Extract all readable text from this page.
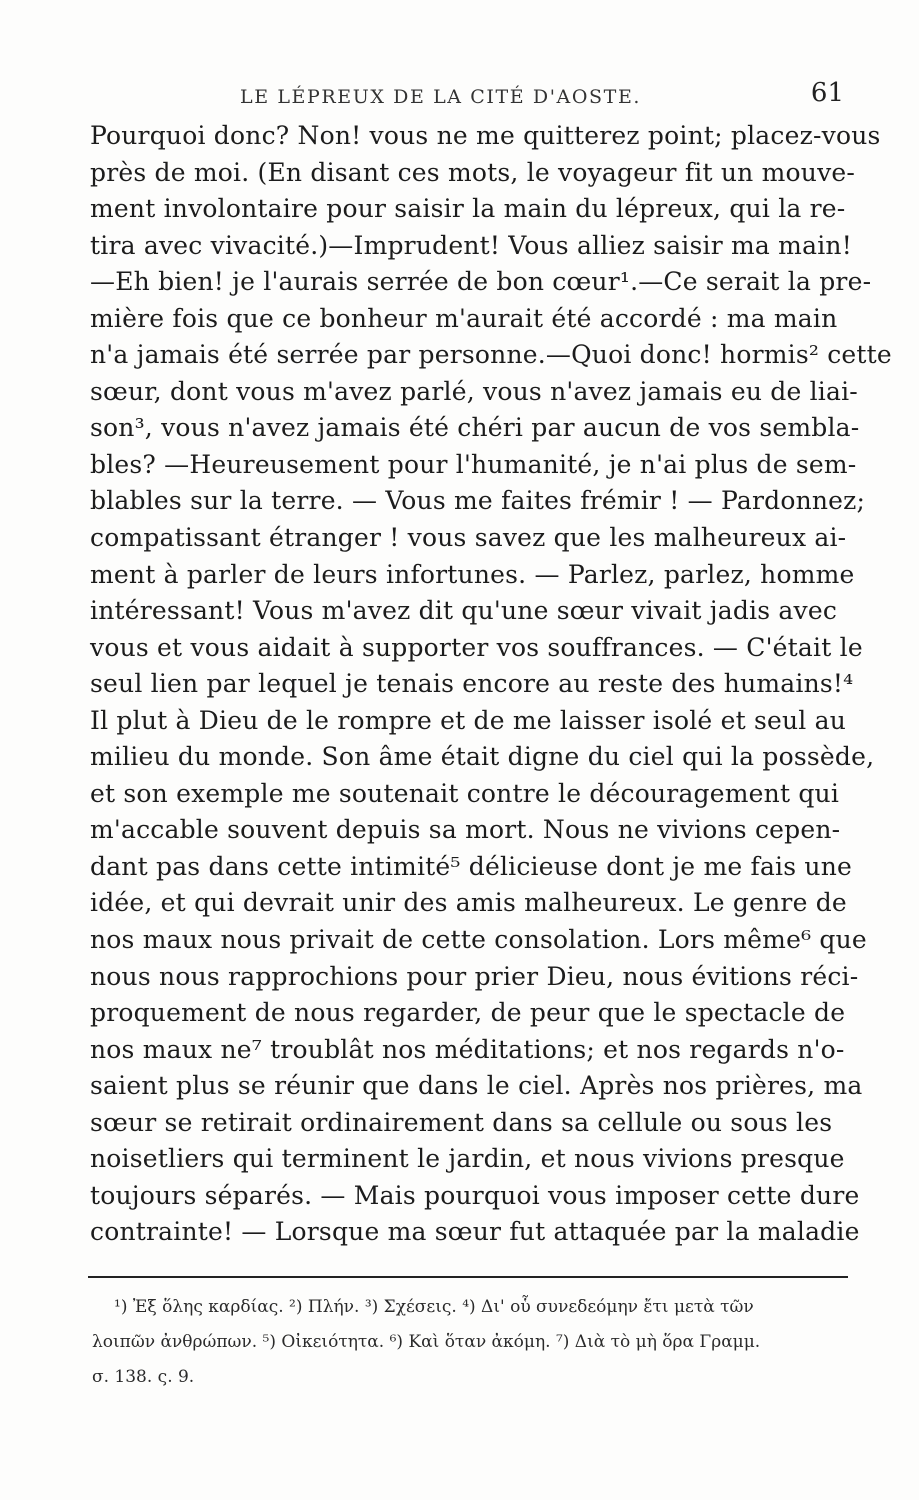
LE LÉPREUX DE LA CITÉ D'AOSTE.	61
Pourquoi donc? Non! vous ne me quitterez point; placez-vous
près de moi. (En disant ces mots, le voyageur fit un mouve-
ment involontaire pour saisir la main du lépreux, qui la re-
tira avec vivacité.)—Imprudent! Vous alliez saisir ma main!
—Eh bien! je l'aurais serrée de bon cœur¹.—Ce serait la pre-
mière fois que ce bonheur m'aurait été accordé : ma main
n'a jamais été serrée par personne.—Quoi donc! hormis² cette
sœur, dont vous m'avez parlé, vous n'avez jamais eu de liai-
son³, vous n'avez jamais été chéri par aucun de vos sembla-
bles? —Heureusement pour l'humanité, je n'ai plus de sem-
blables sur la terre. — Vous me faites frémir ! — Pardonnez;
compatissant étranger ! vous savez que les malheureux ai-
ment à parler de leurs infortunes. — Parlez, parlez, homme
intéressant! Vous m'avez dit qu'une sœur vivait jadis avec
vous et vous aidait à supporter vos souffrances. — C'était le
seul lien par lequel je tenais encore au reste des humains!⁴
Il plut à Dieu de le rompre et de me laisser isolé et seul au
milieu du monde. Son âme était digne du ciel qui la possède,
et son exemple me soutenait contre le découragement qui
m'accable souvent depuis sa mort. Nous ne vivions cepen-
dant pas dans cette intimité⁵ délicieuse dont je me fais une
idée, et qui devrait unir des amis malheureux. Le genre de
nos maux nous privait de cette consolation. Lors même⁶ que
nous nous rapprochions pour prier Dieu, nous évitions réci-
proquement de nous regarder, de peur que le spectacle de
nos maux ne⁷ troublât nos méditations; et nos regards n'o-
saient plus se réunir que dans le ciel. Après nos prières, ma
sœur se retirait ordinairement dans sa cellule ou sous les
noisetliers qui terminent le jardin, et nous vivions presque
toujours séparés. — Mais pourquoi vous imposer cette dure
contrainte! — Lorsque ma sœur fut attaquée par la maladie
¹) Ἐξ ὅλης καρδίας. ²) Πλήν. ³) Σχέσεις. ⁴) Δι' οὗ συνεδεόμην ἔτι μετὰ τῶν
λοιπῶν ἀνθρώπων. ⁵) Οἰκειότητα. ⁶) Καὶ ὅταν ἀκόμη. ⁷) Διὰ τὸ μὴ ὅρα Γραμμ.
σ. 138. ς. 9.
